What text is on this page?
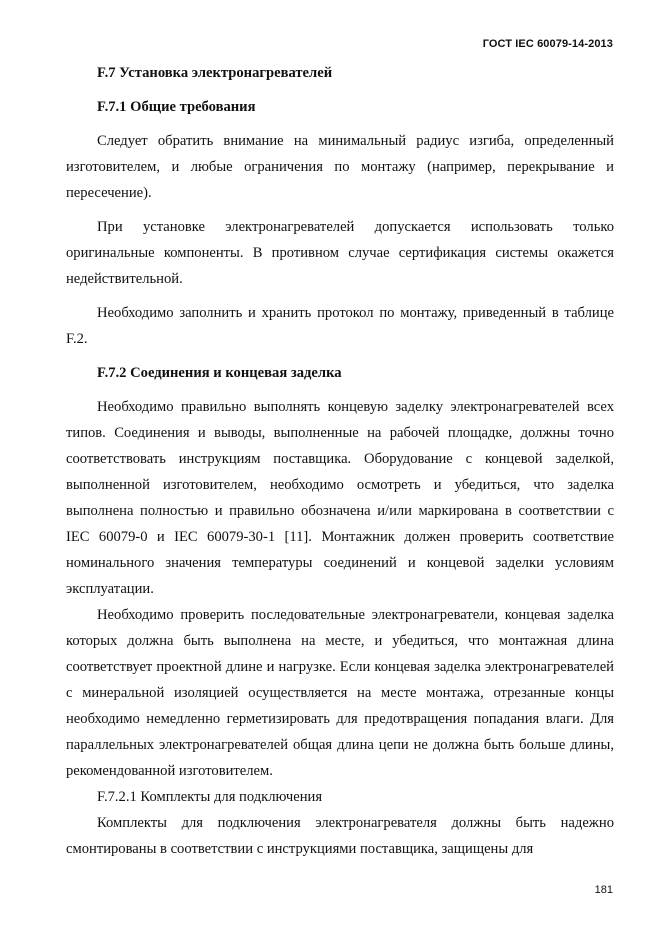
ГОСТ IEC 60079-14-2013
F.7 Установка электронагревателей
F.7.1 Общие требования

Следует обратить внимание на минимальный радиус изгиба, определенный изготовителем, и любые ограничения по монтажу (например, перекрывание и пересечение).

При установке электронагревателей допускается использовать только оригинальные компоненты. В противном случае сертификация системы окажется недействительной.

Необходимо заполнить и хранить протокол по монтажу, приведенный в таблице F.2.

F.7.2 Соединения и концевая заделка

Необходимо правильно выполнять концевую заделку электронагревателей всех типов. Соединения и выводы, выполненные на рабочей площадке, должны точно соответствовать инструкциям поставщика. Оборудование с концевой заделкой, выполненной изготовителем, необходимо осмотреть и убедиться, что заделка выполнена полностью и правильно обозначена и/или маркирована в соответствии с IEC 60079-0 и IEC 60079-30-1 [11]. Монтажник должен проверить соответствие номинального значения температуры соединений и концевой заделки условиям эксплуатации.

Необходимо проверить последовательные электронагреватели, концевая заделка которых должна быть выполнена на месте, и убедиться, что монтажная длина соответствует проектной длине и нагрузке. Если концевая заделка электронагревателей с минеральной изоляцией осуществляется на месте монтажа, отрезанные концы необходимо немедленно герметизировать для предотвращения попадания влаги. Для параллельных электронагревателей общая длина цепи не должна быть больше длины, рекомендованной изготовителем.

F.7.2.1 Комплекты для подключения

Комплекты для подключения электронагревателя должны быть надежно смонтированы в соответствии с инструкциями поставщика, защищены для

181
